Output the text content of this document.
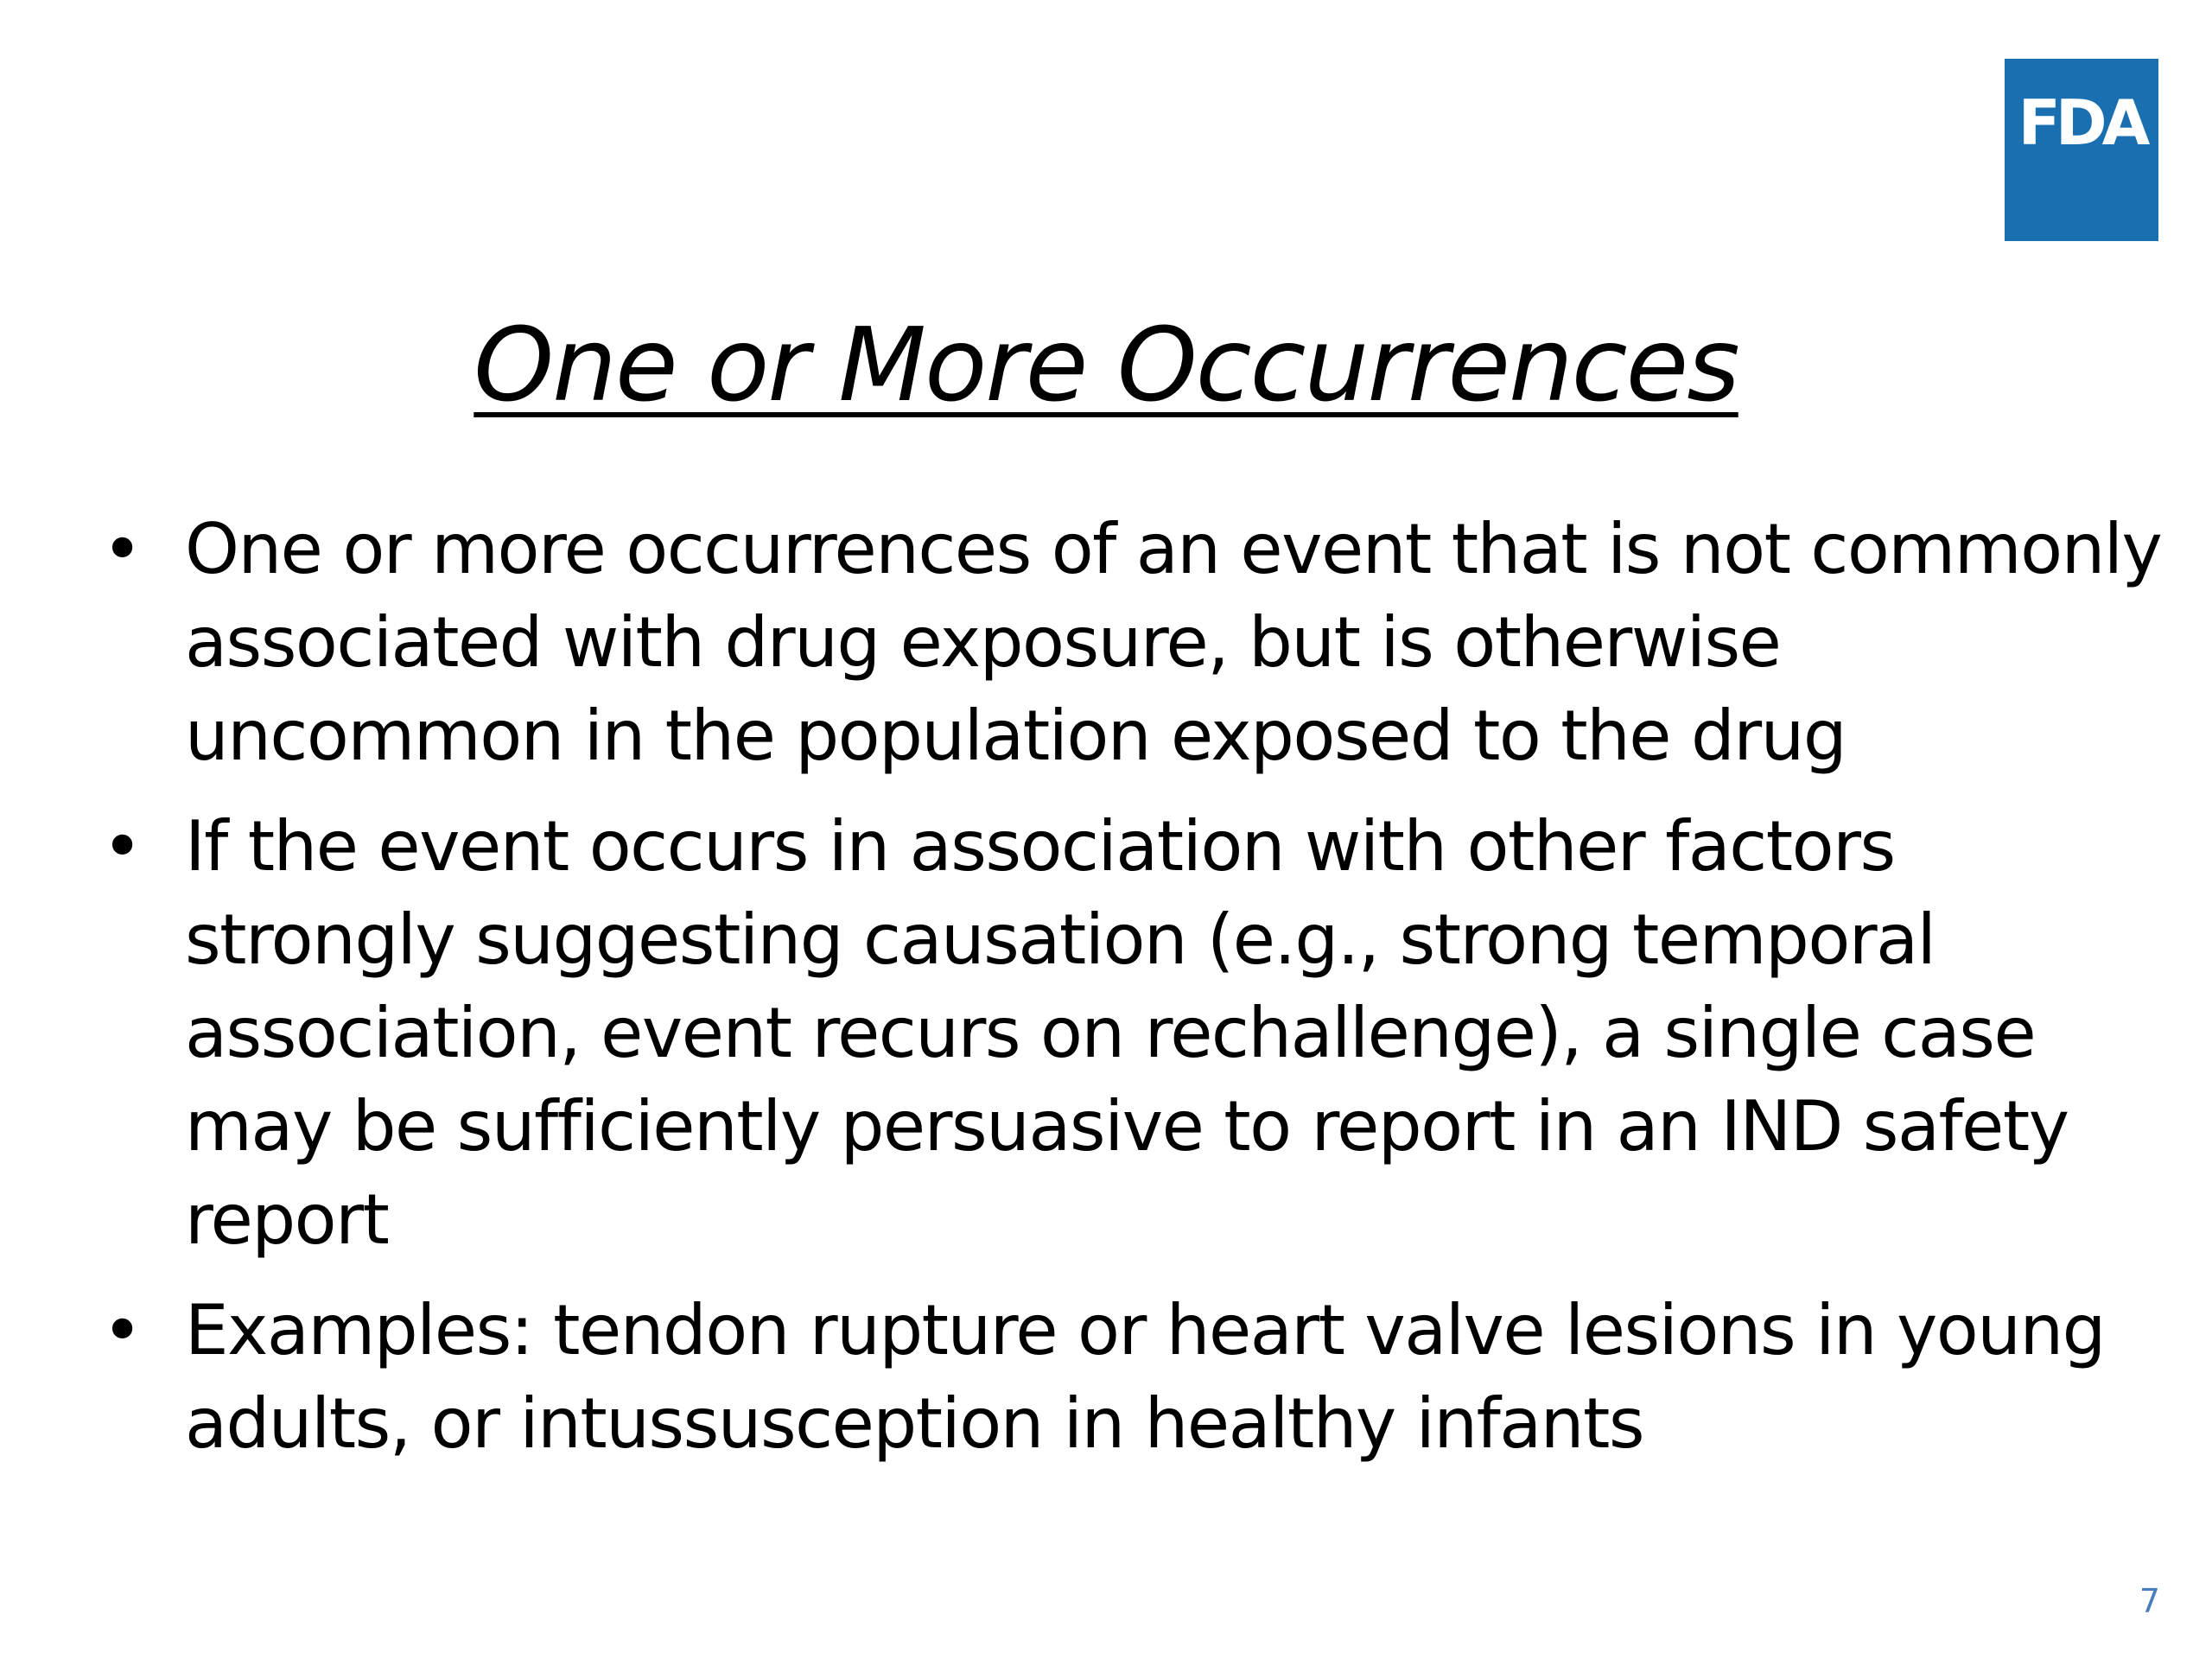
FDA
One or More Occurrences
• One or more occurrences of an event that is not commonly associated with drug exposure, but is otherwise uncommon in the population exposed to the drug
• If the event occurs in association with other factors strongly suggesting causation (e.g., strong temporal association, event recurs on rechallenge), a single case may be sufficiently persuasive to report in an IND safety report
• Examples: tendon rupture or heart valve lesions in young adults, or intussusception in healthy infants
7
